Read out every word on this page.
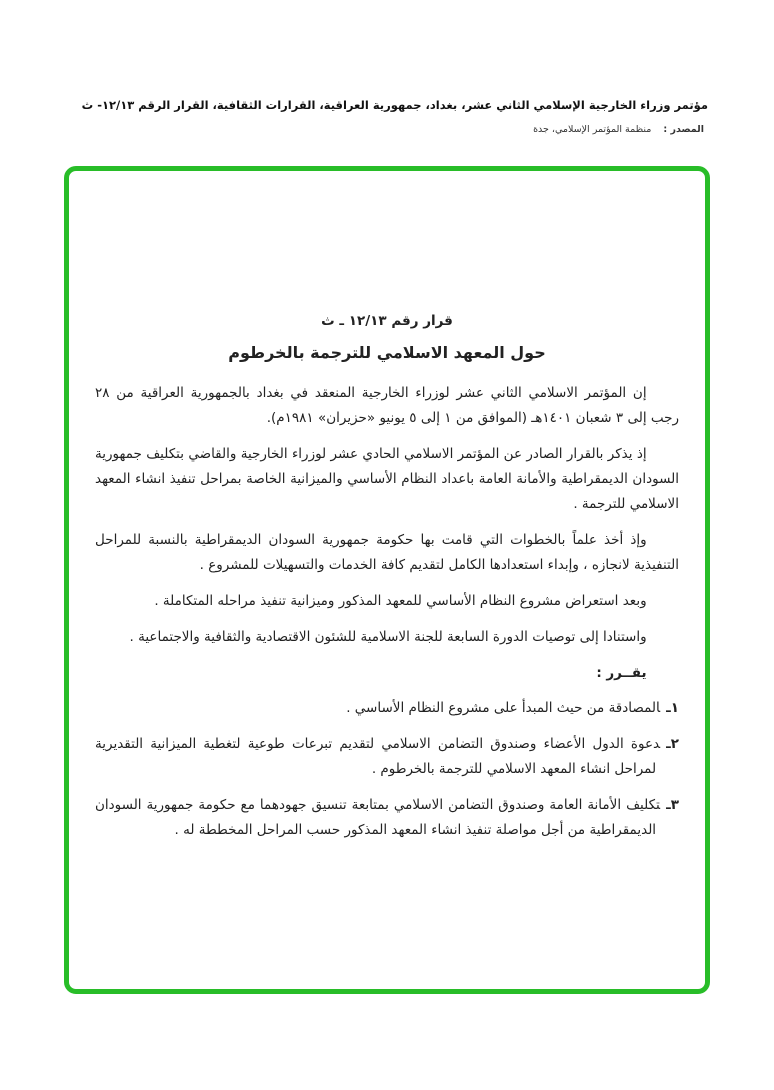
مؤتمر وزراء الخارجية الإسلامي الثاني عشر، بغداد، جمهورية العراقية، القرارات الثقافية، القرار الرقم ١٢/١٣- ث
المصدر :منظمة المؤتمر الإسلامي، جدة
قرار رقم ١٢/١٣ ـ ث
حول المعهد الاسلامي للترجمة بالخرطوم

إن المؤتمر الاسلامي الثاني عشر لوزراء الخارجية المنعقد في بغداد بالجمهورية العراقية من ٢٨ رجب إلى ٣ شعبان ١٤٠١هـ (الموافق من ١ إلى ٥ يونيو «حزيران» ١٩٨١م).

إذ يذكر بالقرار الصادر عن المؤتمر الاسلامي الحادي عشر لوزراء الخارجية والقاضي بتكليف جمهورية السودان الديمقراطية والأمانة العامة باعداد النظام الأساسي والميزانية الخاصة بمراحل تنفيذ انشاء المعهد الاسلامي للترجمة .

وإذ أخذ علماً بالخطوات التي قامت بها حكومة جمهورية السودان الديمقراطية بالنسبة للمراحل التنفيذية لانجازه ، وإبداء استعدادها الكامل لتقديم كافة الخدمات والتسهيلات للمشروع .

وبعد استعراض مشروع النظام الأساسي للمعهد المذكور وميزانية تنفيذ مراحله المتكاملة .

واستنادا إلى توصيات الدورة السابعة للجنة الاسلامية للشئون الاقتصادية والثقافية والاجتماعية .

يقــرر :
١ـالمصادقة من حيث المبدأ على مشروع النظام الأساسي .
٢ـدعوة الدول الأعضاء وصندوق التضامن الاسلامي لتقديم تبرعات طوعية لتغطية الميزانية التقديرية لمراحل انشاء المعهد الاسلامي للترجمة بالخرطوم .
٣ـتكليف الأمانة العامة وصندوق التضامن الاسلامي بمتابعة تنسيق جهودهما مع حكومة جمهورية السودان الديمقراطية من أجل مواصلة تنفيذ انشاء المعهد المذكور حسب المراحل المخططة له .
